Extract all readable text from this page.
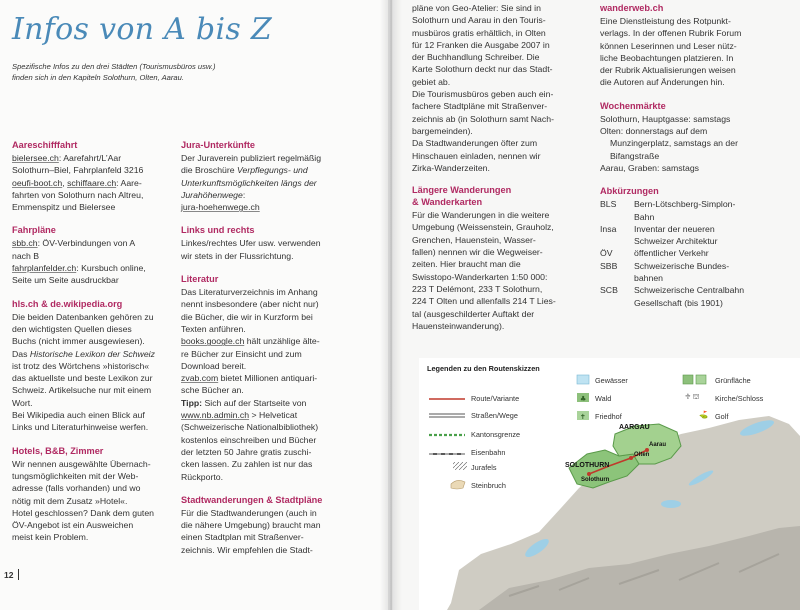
Infos von A bis Z
Spezifische Infos zu den drei Städten (Tourismusbüros usw.)
finden sich in den Kapiteln Solothurn, Olten, Aarau.
Aareschifffahrt

bielersee.ch: Aarefahrt/L’Aar

Solothurn–Biel, Fahrplanfeld 3216

oeufi-boot.ch, schiffaare.ch: Aare-

fahrten von Solothurn nach Altreu,

Emmenspitz und Bielersee

Fahrpläne

sbb.ch: ÖV-Verbindungen von A

nach B

fahrplanfelder.ch: Kursbuch online,

Seite um Seite ausdruckbar

hls.ch & de.wikipedia.org

Die beiden Datenbanken gehören zu

den wichtigsten Quellen dieses

Buchs (nicht immer ausgewiesen).

Das Historische Lexikon der Schweiz

ist trotz des Wörtchens »historisch«

das aktuellste und beste Lexikon zur

Schweiz. Artikelsuche nur mit einem

Wort.

Bei Wikipedia auch einen Blick auf

Links und Literaturhinweise werfen.

Hotels, B&B, Zimmer

Wir nennen ausgewählte Übernach-

tungsmöglichkeiten mit der Web-

adresse (falls vorhanden) und wo

nötig mit dem Zusatz »Hotel«.

Hotel geschlossen? Dank dem guten

ÖV-Angebot ist ein Ausweichen

meist kein Problem.

Jura-Unterkünfte

Der Juraverein publiziert regelmäßig

die Broschüre Verpflegungs- und

Unterkunftsmöglichkeiten längs der

Jurahöhenwege:

jura-hoehenwege.ch

Links und rechts

Linkes/rechtes Ufer usw. verwenden

wir stets in der Flussrichtung.

Literatur

Das Literaturverzeichnis im Anhang

nennt insbesondere (aber nicht nur)

die Bücher, die wir in Kurzform bei

Texten anführen.

books.google.ch hält unzählige älte-

re Bücher zur Einsicht und zum

Download bereit.

zvab.com bietet Millionen antiquari-

sche Bücher an.

Tipp: Sich auf der Startseite von

www.nb.admin.ch > Helveticat

(Schweizerische Nationalbibliothek)

kostenlos einschreiben und Bücher

der letzten 50 Jahre gratis zuschi-

cken lassen. Zu zahlen ist nur das

Rückporto.

Stadtwanderungen & Stadtpläne

Für die Stadtwanderungen (auch in

die nähere Umgebung) braucht man

einen Stadtplan mit Straßenver-

zeichnis. Wir empfehlen die Stadt-

12

pläne von Geo-Atelier: Sie sind in

Solothurn und Aarau in den Touris-

musbüros gratis erhältlich, in Olten

für 12 Franken die Ausgabe 2007 in

der Buchhandlung Schreiber. Die

Karte Solothurn deckt nur das Stadt-

gebiet ab.

Die Tourismusbüros geben auch ein-

fachere Stadtpläne mit Straßenver-

zeichnis ab (in Solothurn samt Nach-

bargemeinden).

Da Stadtwanderungen öfter zum

Hinschauen einladen, nennen wir

Zirka-Wanderzeiten.

Längere Wanderungen
& Wanderkarten

Für die Wanderungen in die weitere

Umgebung (Weissenstein, Grauholz,

Grenchen, Hauenstein, Wasser-

fallen) nennen wir die Wegweiser-

zeiten. Hier braucht man die

Swisstopo-Wanderkarten 1:50 000:

223 T Delémont, 233 T Solothurn,

224 T Olten und allenfalls 214 T Lies-

tal (ausgeschilderter Auftakt der

Hauensteinwanderung).

wanderweb.ch

Eine Dienstleistung des Rotpunkt-

verlags. In der offenen Rubrik Forum

können Leserinnen und Leser nütz-

liche Beobachtungen platzieren. In

der Rubrik Aktualisierungen weisen

die Autoren auf Änderungen hin.

Wochenmärkte

Solothurn, Hauptgasse: samstags

Olten: donnerstags auf dem

Munzingerplatz, samstags an der

Bifangstraße

Aarau, Graben: samstags

Abkürzungen
BLS	Bern-Lötschberg-Simplon-
Bahn

Insa	Inventar der neueren
Schweizer Architektur

ÖV	öffentlicher Verkehr

SBB	Schweizerische Bundes-
bahnen

SCB	Schweizerische Centralbahn
Gesellschaft (bis 1901)
♣
✝
Legenden zu den Routenskizzen
Route/Variante
Straßen/Wege
Kantonsgrenze
Eisenbahn
Jurafels
Steinbruch
Gewässer
Wald
Friedhof
Grünfläche
♱ ⛫ Kirche/Schloss
⛳ Golf
AARGAU
Aarau
Olten
SOLOTHURN
Solothurn
